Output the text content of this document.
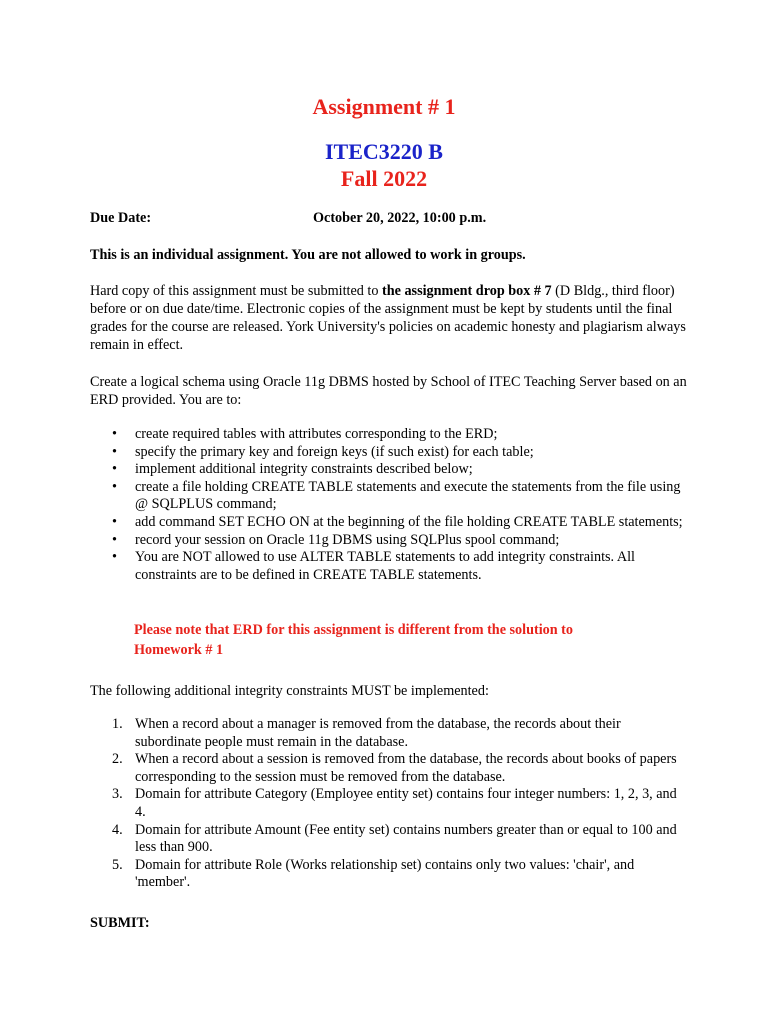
Assignment # 1
ITEC3220 B
Fall 2022
Due Date:	October 20, 2022, 10:00 p.m.
This is an individual assignment. You are not allowed to work in groups.
Hard copy of this assignment must be submitted to the assignment drop box # 7 (D Bldg., third floor) before or on due date/time. Electronic copies of the assignment must be kept by students until the final grades for the course are released. York University's policies on academic honesty and plagiarism always remain in effect.
Create a logical schema using Oracle 11g DBMS hosted by School of ITEC Teaching Server based on an ERD provided. You are to:
• create required tables with attributes corresponding to the ERD;
• specify the primary key and foreign keys (if such exist) for each table;
• implement additional integrity constraints described below;
• create a file holding CREATE TABLE statements and execute the statements from the file using @ SQLPLUS command;
• add command SET ECHO ON at the beginning of the file holding CREATE TABLE statements;
• record your session on Oracle 11g DBMS using SQLPlus spool command;
• You are NOT allowed to use ALTER TABLE statements to add integrity constraints. All constraints are to be defined in CREATE TABLE statements.
Please note that ERD for this assignment is different from the solution to
Homework # 1
The following additional integrity constraints MUST be implemented:
1. When a record about a manager is removed from the database, the records about their subordinate people must remain in the database.
2. When a record about a session is removed from the database, the records about books of papers corresponding to the session must be removed from the database.
3. Domain for attribute Category (Employee entity set) contains four integer numbers: 1, 2, 3, and 4.
4. Domain for attribute Amount (Fee entity set) contains numbers greater than or equal to 100 and less than 900.
5. Domain for attribute Role (Works relationship set) contains only two values: 'chair', and 'member'.
SUBMIT:
